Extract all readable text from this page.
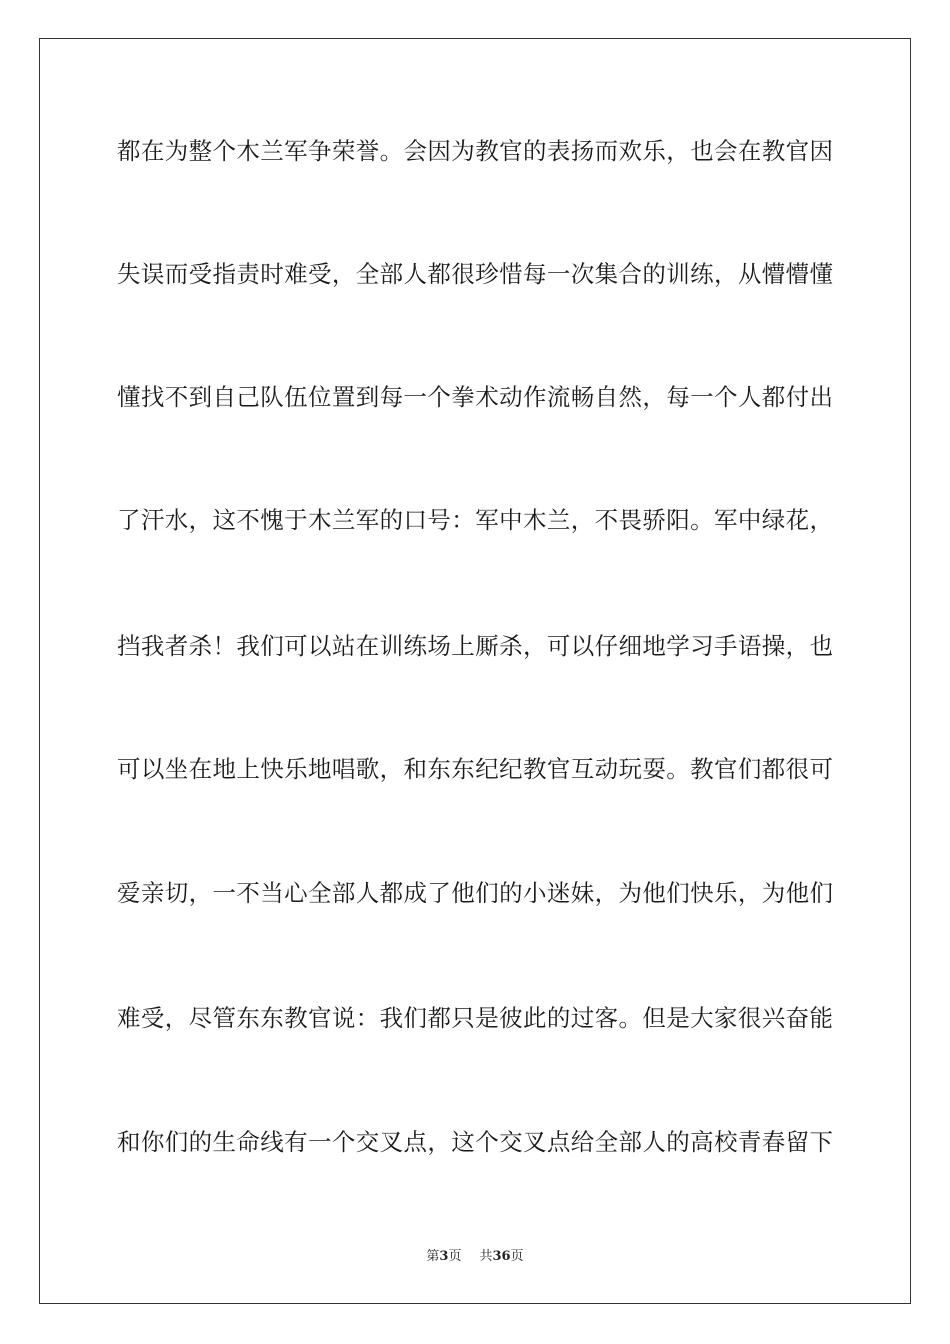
都在为整个木兰军争荣誉。会因为教官的表扬而欢乐，也会在教官因
失误而受指责时难受，全部人都很珍惜每一次集合的训练，从懵懵懂
懂找不到自己队伍位置到每一个拳术动作流畅自然，每一个人都付出
了汗水，这不愧于木兰军的口号：军中木兰，不畏骄阳。军中绿花，
挡我者杀！我们可以站在训练场上厮杀，可以仔细地学习手语操，也
可以坐在地上快乐地唱歌，和东东纪纪教官互动玩耍。教官们都很可
爱亲切，一不当心全部人都成了他们的小迷妹，为他们快乐，为他们
难受，尽管东东教官说：我们都只是彼此的过客。但是大家很兴奋能
和你们的生命线有一个交叉点，这个交叉点给全部人的高校青春留下
第3页 共36页
